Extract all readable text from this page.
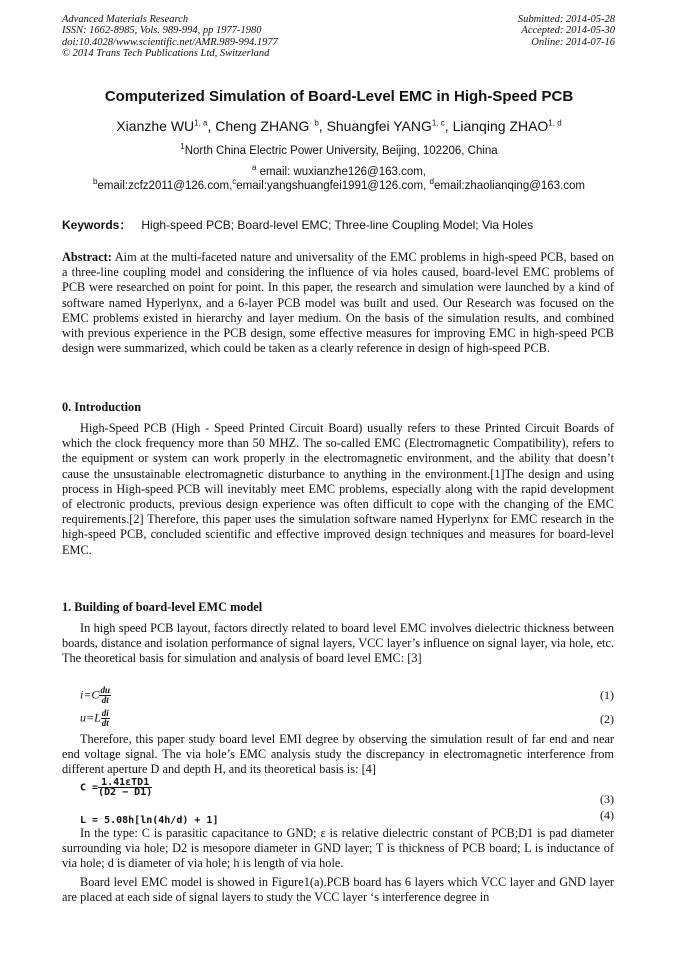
Advanced Materials Research
ISSN: 1662-8985, Vols. 989-994, pp 1977-1980
doi:10.4028/www.scientific.net/AMR.989-994.1977
© 2014 Trans Tech Publications Ltd, Switzerland
Submitted: 2014-05-28
Accepted: 2014-05-30
Online: 2014-07-16
Computerized Simulation of Board-Level EMC in High-Speed PCB
Xianzhe WU$^{1, a}$, Cheng $ZHANG^{\cdot b}$, Shuangfei YANG$^{1, c}$, Lianqing ZHAO$^{1, d}$
$^1$North China Electric Power University, Beijing, 102206, China
$^a$ email: wuxianzhe126@163.com,
$^b$email:zcfz2011@126.com,$^c$email:yangshuangfei1991@126.com, $^d$email:zhaolianqing@163.com
Keywords： High-speed PCB; Board-level EMC; Three-line Coupling Model; Via Holes
Abstract: Aim at the multi-faceted nature and universality of the EMC problems in high-speed PCB, based on a three-line coupling model and considering the influence of via holes caused, board-level EMC problems of PCB were researched on point for point. In this paper, the research and simulation were launched by a kind of software named Hyperlynx, and a 6-layer PCB model was built and used. Our Research was focused on the EMC problems existed in hierarchy and layer medium. On the basis of the simulation results, and combined with previous experience in the PCB design, some effective measures for improving EMC in high-speed PCB design were summarized, which could be taken as a clearly reference in design of high-speed PCB.
0. Introduction
High-Speed PCB (High - Speed Printed Circuit Board) usually refers to these Printed Circuit Boards of which the clock frequency more than 50 MHZ. The so-called EMC (Electromagnetic Compatibility), refers to the equipment or system can work properly in the electromagnetic environment, and the ability that doesn’t cause the unsustainable electromagnetic disturbance to anything in the environment.[1]The design and using process in High-speed PCB will inevitably meet EMC problems, especially along with the rapid development of electronic products, previous design experience was often difficult to cope with the changing of the EMC requirements.[2] Therefore, this paper uses the simulation software named Hyperlynx for EMC research in the high-speed PCB, concluded scientific and effective improved design techniques and measures for board-level EMC.
1. Building of board-level EMC model
In high speed PCB layout, factors directly related to board level EMC involves dielectric thickness between boards, distance and isolation performance of signal layers, VCC layer’s influence on signal layer, via hole, etc. The theoretical basis for simulation and analysis of board level EMC: [3]
$i=C \frac{du}{dt}$	(1)
$u=L \frac{di}{dt}$	(2)
Therefore, this paper study board level EMI degree by observing the simulation result of far end and near end voltage signal. The via hole’s EMC analysis study the discrepancy in electromagnetic interference from different aperture D and depth H, and its theoretical basis is: [4]
$C = \frac{\text{1.41εTD1}}{(D2 - D1)}$
(3)
L = 5.08h[ln(4h/d) + 1]	(4)
In the type: C is parasitic capacitance to GND; ε is relative dielectric constant of PCB;D1 is pad diameter surrounding via hole; D2 is mesopore diameter in GND layer; T is thickness of PCB board; L is inductance of via hole; d is diameter of via hole; h is length of via hole.
Board level EMC model is showed in Figure1(a).PCB board has 6 layers which VCC layer and GND layer are placed at each side of signal layers to study the VCC layer ‘s interference degree in
